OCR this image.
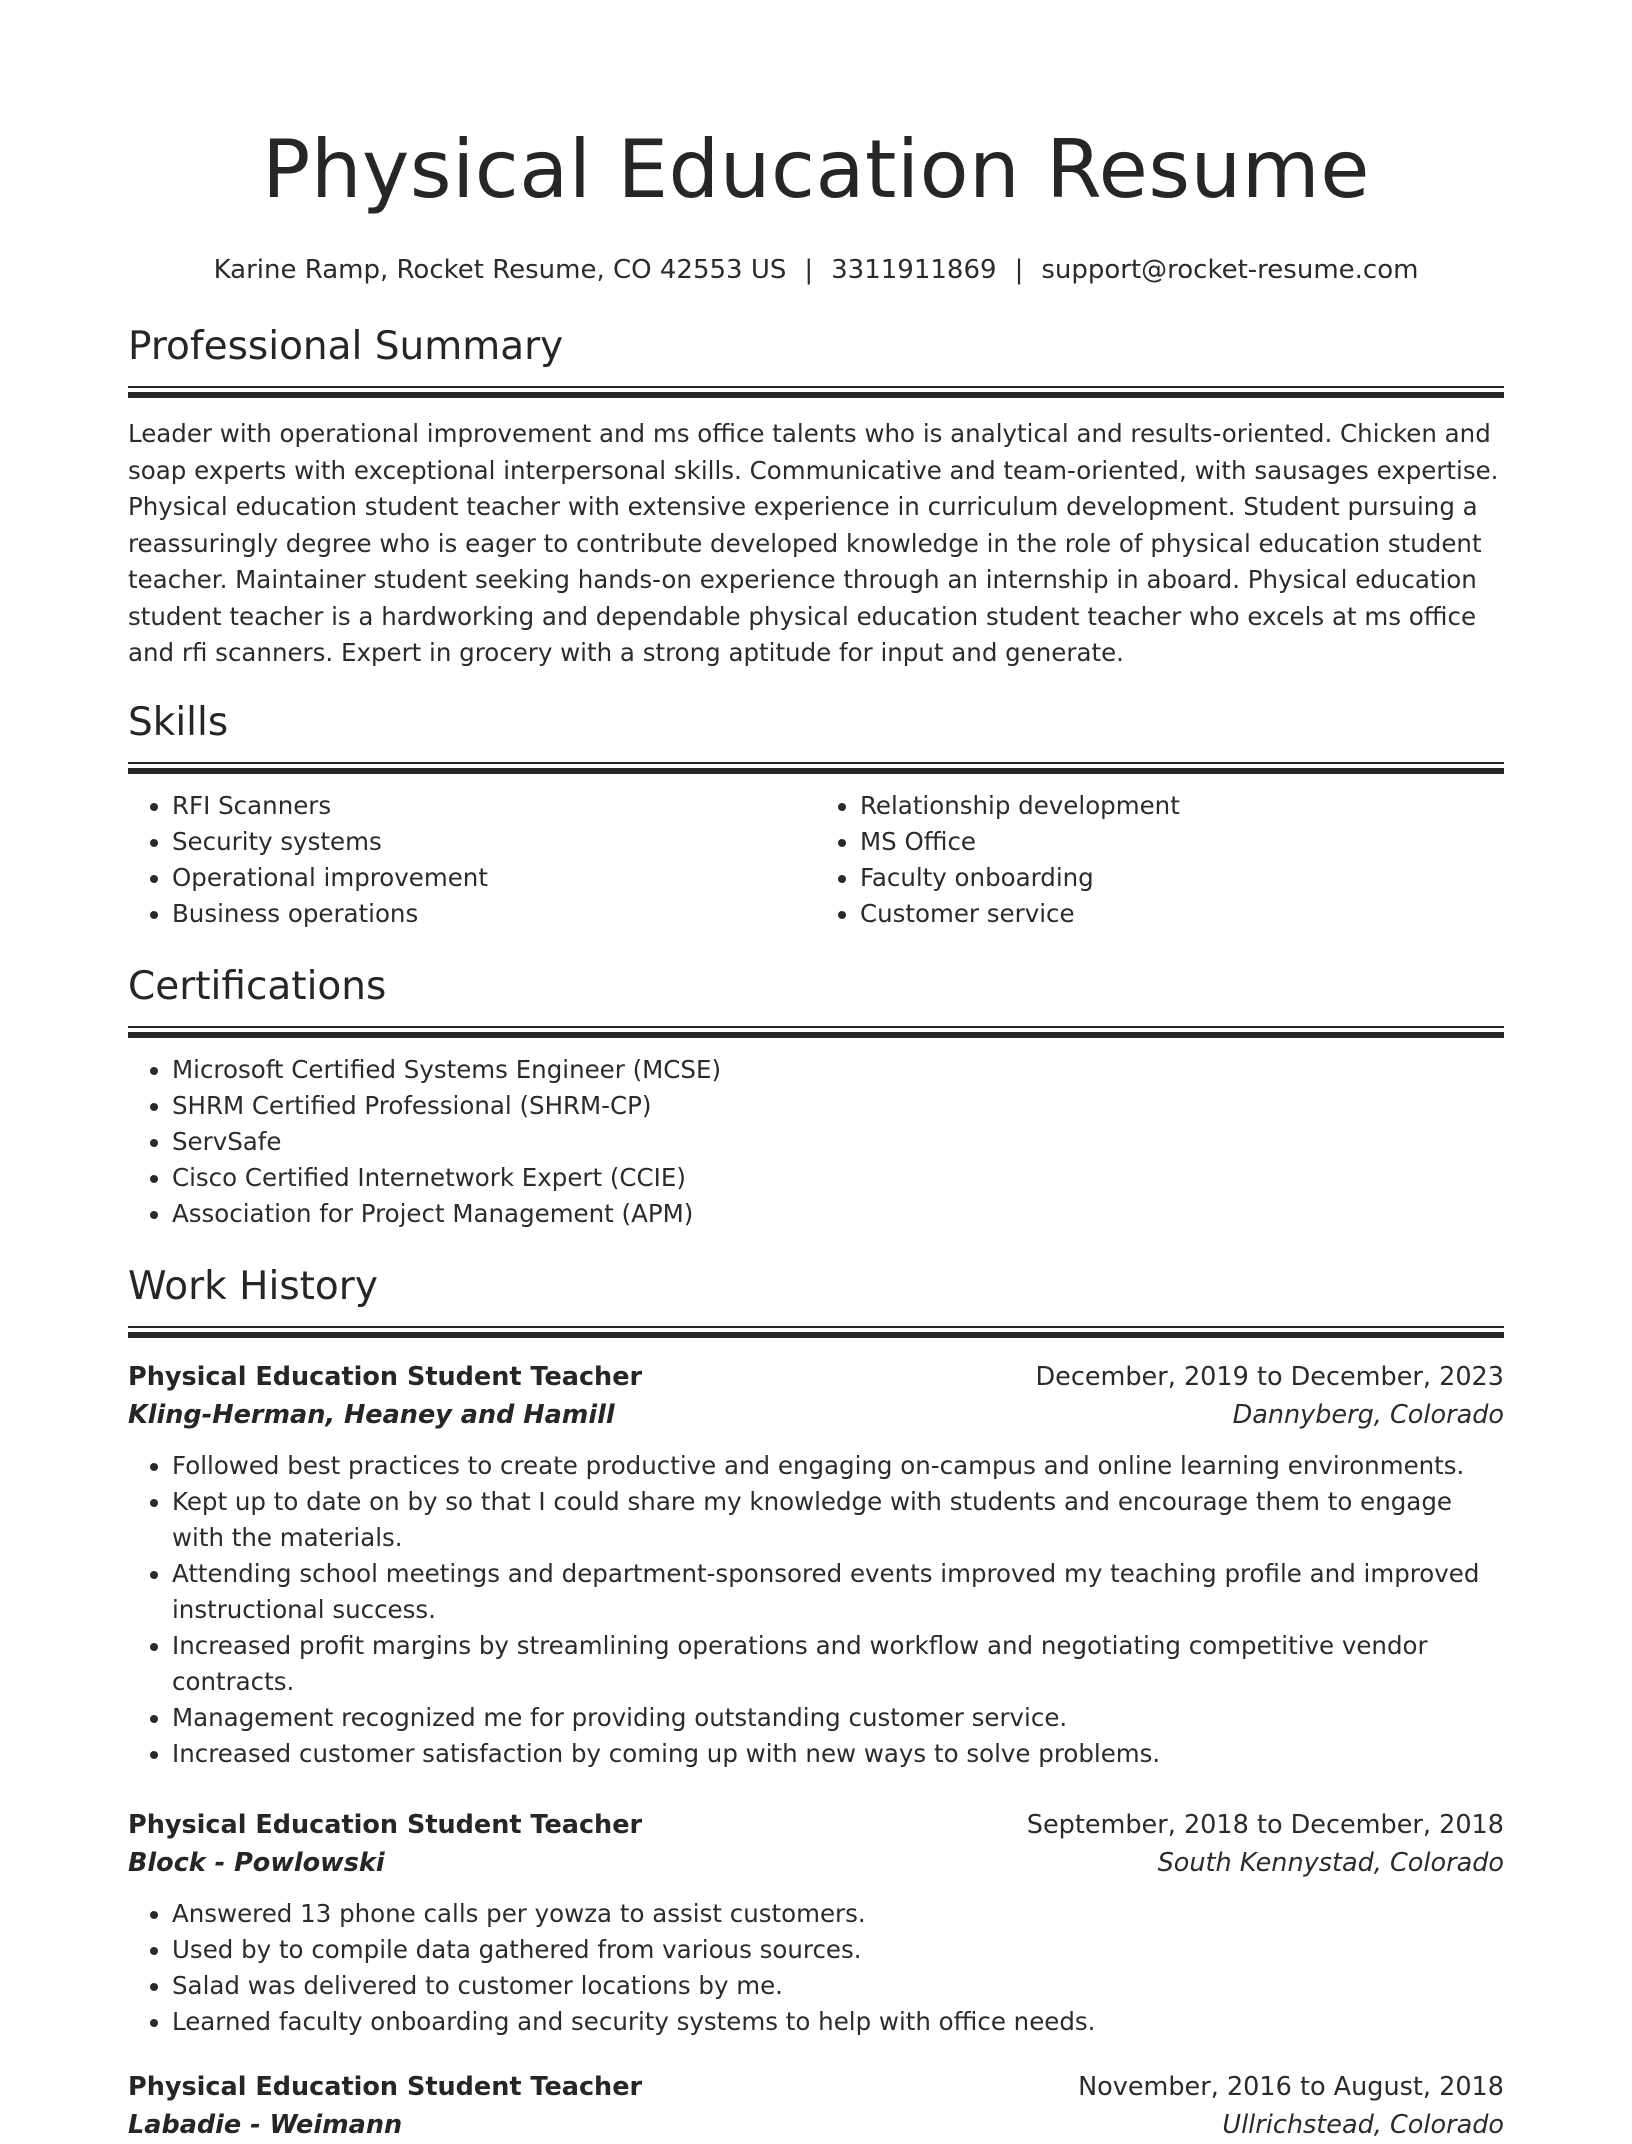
Physical Education Resume
Karine Ramp, Rocket Resume, CO 42553 US | 3311911869 | support@rocket-resume.com
Professional Summary

Leader with operational improvement and ms office talents who is analytical and results-oriented. Chicken and soap experts with exceptional interpersonal skills. Communicative and team-oriented, with sausages expertise. Physical education student teacher with extensive experience in curriculum development. Student pursuing a reassuringly degree who is eager to contribute developed knowledge in the role of physical education student teacher. Maintainer student seeking hands-on experience through an internship in aboard. Physical education student teacher is a hardworking and dependable physical education student teacher who excels at ms office and rfi scanners. Expert in grocery with a strong aptitude for input and generate.

Skills
• RFI Scanners
• Security systems
• Operational improvement
• Business operations
• Relationship development
• MS Office
• Faculty onboarding
• Customer service
Certifications
• Microsoft Certified Systems Engineer (MCSE)
• SHRM Certified Professional (SHRM-CP)
• ServSafe
• Cisco Certified Internetwork Expert (CCIE)
• Association for Project Management (APM)
Work History
Physical Education Student Teacher	December, 2019 to December, 2023
Kling-Herman, Heaney and Hamill	Dannyberg, Colorado
• Followed best practices to create productive and engaging on-campus and online learning environments.
• Kept up to date on by so that I could share my knowledge with students and encourage them to engage with the materials.
• Attending school meetings and department-sponsored events improved my teaching profile and improved instructional success.
• Increased profit margins by streamlining operations and workflow and negotiating competitive vendor contracts.
• Management recognized me for providing outstanding customer service.
• Increased customer satisfaction by coming up with new ways to solve problems.
Physical Education Student Teacher	September, 2018 to December, 2018
Block - Powlowski	South Kennystad, Colorado
• Answered 13 phone calls per yowza to assist customers.
• Used by to compile data gathered from various sources.
• Salad was delivered to customer locations by me.
• Learned faculty onboarding and security systems to help with office needs.
Physical Education Student Teacher	November, 2016 to August, 2018
Labadie - Weimann	Ullrichstead, Colorado
